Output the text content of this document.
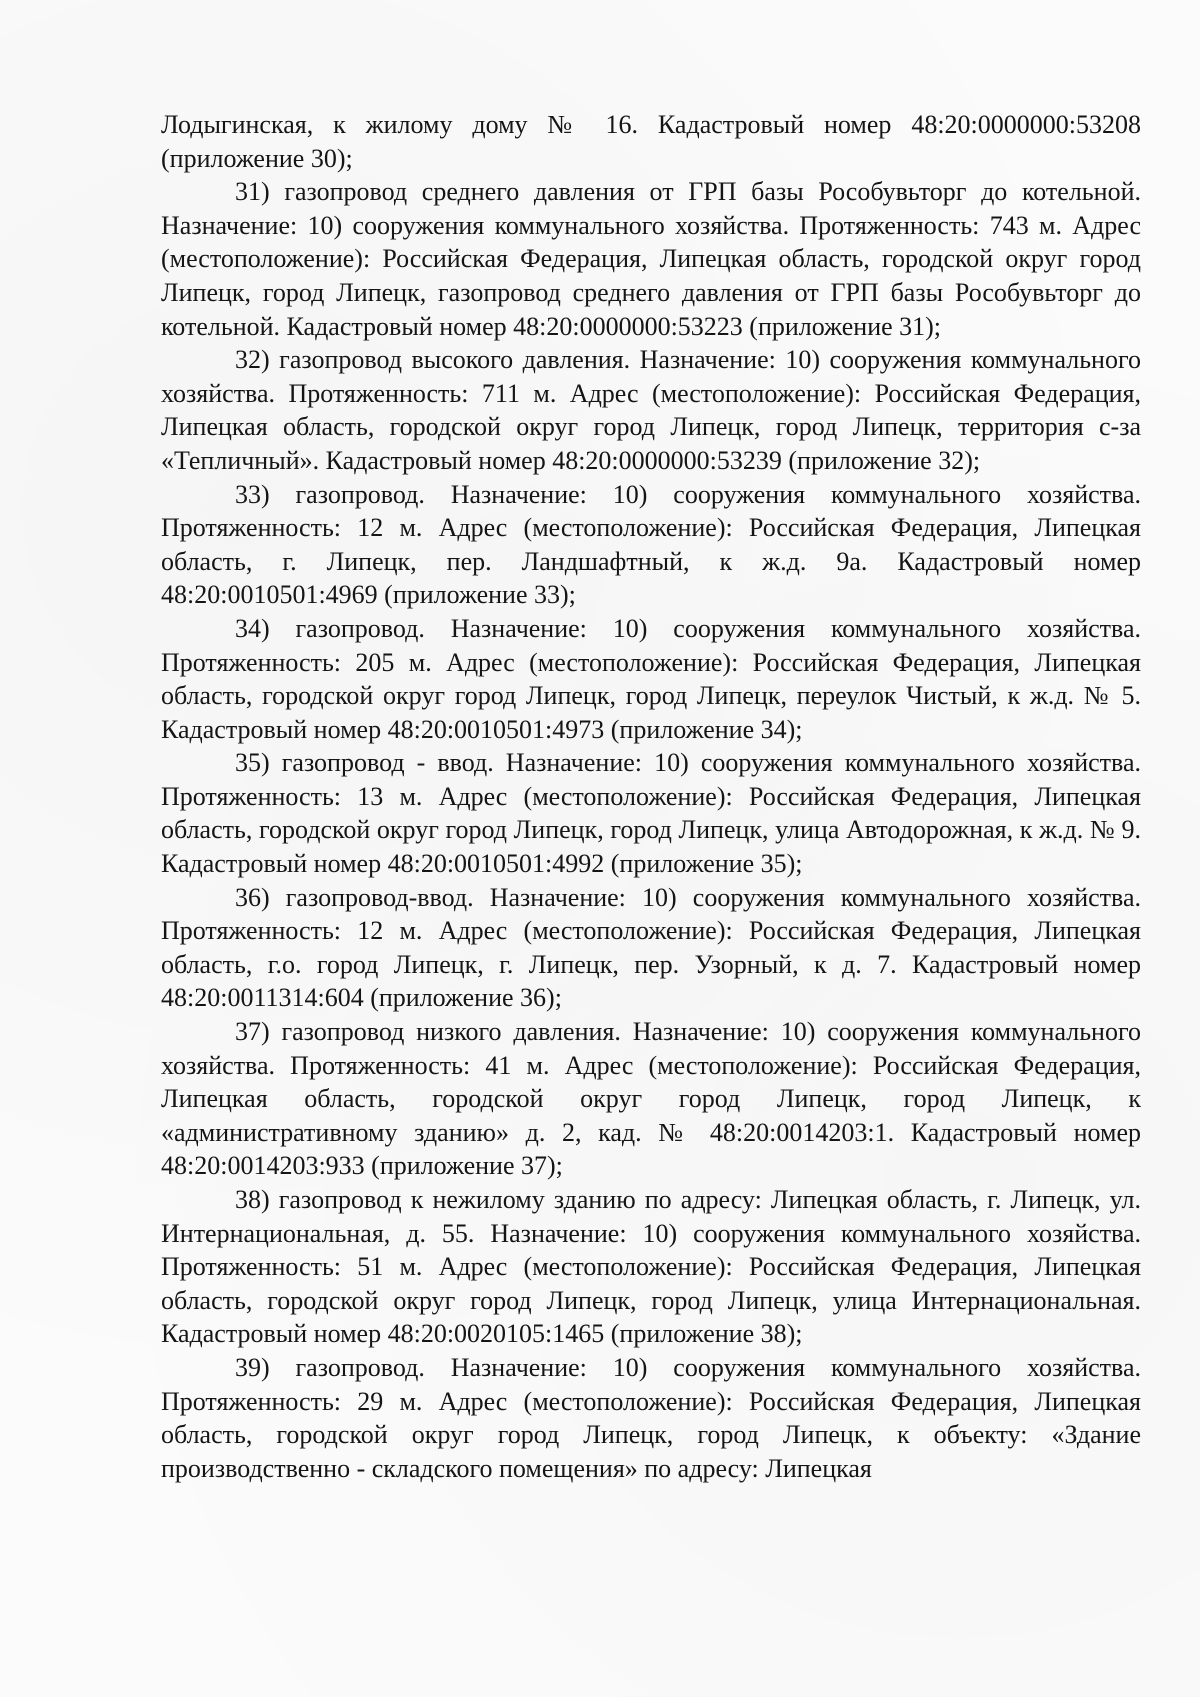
Лодыгинская, к жилому дому № 16. Кадастровый номер 48:20:0000000:53208 (приложение 30);

31) газопровод среднего давления от ГРП базы Рособувьторг до котельной. Назначение: 10) сооружения коммунального хозяйства. Протяженность: 743 м. Адрес (местоположение): Российская Федерация, Липецкая область, городской округ город Липецк, город Липецк, газопровод среднего давления от ГРП базы Рособувьторг до котельной. Кадастровый номер 48:20:0000000:53223 (приложение 31);

32) газопровод высокого давления. Назначение: 10) сооружения коммунального хозяйства. Протяженность: 711 м. Адрес (местоположение): Российская Федерация, Липецкая область, городской округ город Липецк, город Липецк, территория с-за «Тепличный». Кадастровый номер 48:20:0000000:53239 (приложение 32);

33) газопровод. Назначение: 10) сооружения коммунального хозяйства. Протяженность: 12 м. Адрес (местоположение): Российская Федерация, Липецкая область, г. Липецк, пер. Ландшафтный, к ж.д. 9а. Кадастровый номер 48:20:0010501:4969 (приложение 33);

34) газопровод. Назначение: 10) сооружения коммунального хозяйства. Протяженность: 205 м. Адрес (местоположение): Российская Федерация, Липецкая область, городской округ город Липецк, город Липецк, переулок Чистый, к ж.д. № 5. Кадастровый номер 48:20:0010501:4973 (приложение 34);

35) газопровод - ввод. Назначение: 10) сооружения коммунального хозяйства. Протяженность: 13 м. Адрес (местоположение): Российская Федерация, Липецкая область, городской округ город Липецк, город Липецк, улица Автодорожная, к ж.д. № 9. Кадастровый номер 48:20:0010501:4992 (приложение 35);

36) газопровод-ввод. Назначение: 10) сооружения коммунального хозяйства. Протяженность: 12 м. Адрес (местоположение): Российская Федерация, Липецкая область, г.о. город Липецк, г. Липецк, пер. Узорный, к д. 7. Кадастровый номер 48:20:0011314:604 (приложение 36);

37) газопровод низкого давления. Назначение: 10) сооружения коммунального хозяйства. Протяженность: 41 м. Адрес (местоположение): Российская Федерация, Липецкая область, городской округ город Липецк, город Липецк, к «административному зданию» д. 2, кад. № 48:20:0014203:1. Кадастровый номер 48:20:0014203:933 (приложение 37);

38) газопровод к нежилому зданию по адресу: Липецкая область, г. Липецк, ул. Интернациональная, д. 55. Назначение: 10) сооружения коммунального хозяйства. Протяженность: 51 м. Адрес (местоположение): Российская Федерация, Липецкая область, городской округ город Липецк, город Липецк, улица Интернациональная. Кадастровый номер 48:20:0020105:1465 (приложение 38);

39) газопровод. Назначение: 10) сооружения коммунального хозяйства. Протяженность: 29 м. Адрес (местоположение): Российская Федерация, Липецкая область, городской округ город Липецк, город Липецк, к объекту: «Здание производственно - складского помещения» по адресу: Липецкая
